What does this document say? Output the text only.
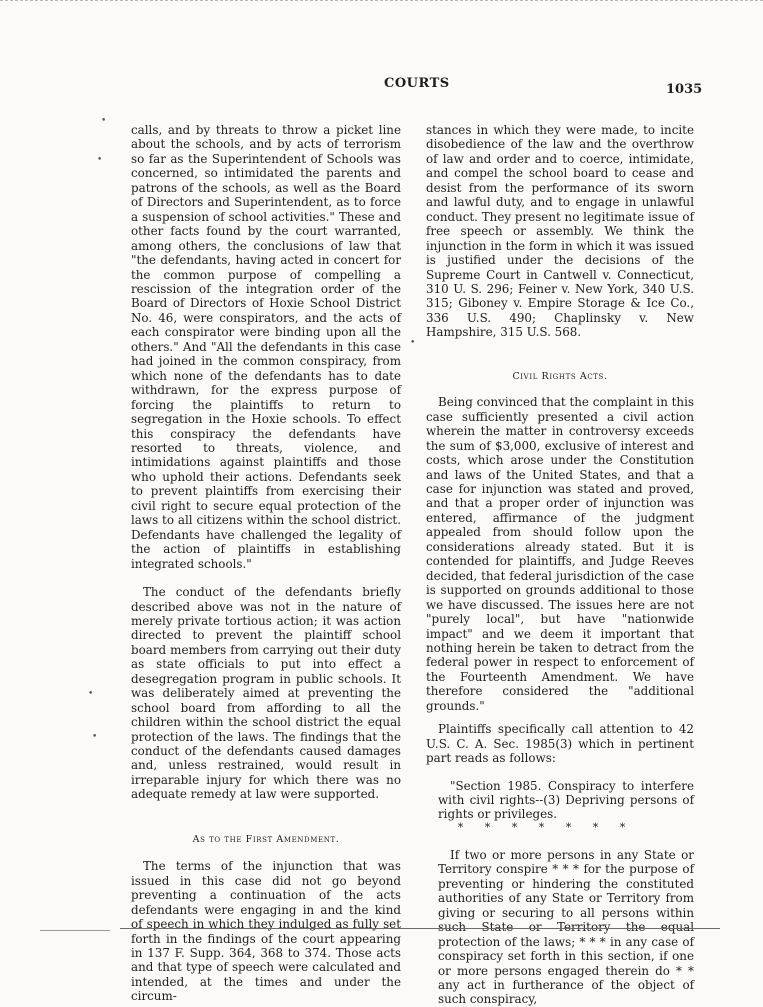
COURTS	1035
•
•
•
•
•

calls, and by threats to throw a picket line about the schools, and by acts of terrorism so far as the Superintendent of Schools was concerned, so intimidated the parents and patrons of the schools, as well as the Board of Directors and Superintendent, as to force a suspension of school activities." These and other facts found by the court warranted, among others, the conclusions of law that "the defendants, having acted in concert for the common purpose of compelling a rescission of the integration order of the Board of Directors of Hoxie School District No. 46, were conspirators, and the acts of each conspirator were binding upon all the others." And "All the defendants in this case had joined in the common conspiracy, from which none of the defendants has to date withdrawn, for the express purpose of forcing the plaintiffs to return to segregation in the Hoxie schools. To effect this conspiracy the defendants have resorted to threats, violence, and intimidations against plaintiffs and those who uphold their actions. Defendants seek to prevent plaintiffs from exercising their civil right to secure equal protection of the laws to all citizens within the school district. Defendants have challenged the legality of the action of plaintiffs in establishing integrated schools."

The conduct of the defendants briefly described above was not in the nature of merely private tortious action; it was action directed to prevent the plaintiff school board members from carrying out their duty as state officials to put into effect a desegregation program in public schools. It was deliberately aimed at preventing the school board from affording to all the children within the school district the equal protection of the laws. The findings that the conduct of the defendants caused damages and, unless restrained, would result in irreparable injury for which there was no adequate remedy at law were supported.

As to the First Amendment.

The terms of the injunction that was issued in this case did not go beyond preventing a continuation of the acts defendants were engaging in and the kind of speech in which they indulged as fully set forth in the findings of the court appearing in 137 F. Supp. 364, 368 to 374. Those acts and that type of speech were calculated and intended, at the times and under the circum-

stances in which they were made, to incite disobedience of the law and the overthrow of law and order and to coerce, intimidate, and compel the school board to cease and desist from the performance of its sworn and lawful duty, and to engage in unlawful conduct. They present no legitimate issue of free speech or assembly. We think the injunction in the form in which it was issued is justified under the decisions of the Supreme Court in Cantwell v. Connecticut, 310 U. S. 296; Feiner v. New York, 340 U.S. 315; Giboney v. Empire Storage & Ice Co., 336 U.S. 490; Chaplinsky v. New Hampshire, 315 U.S. 568.

Civil Rights Acts.

Being convinced that the complaint in this case sufficiently presented a civil action wherein the matter in controversy exceeds the sum of $3,000, exclusive of interest and costs, which arose under the Constitution and laws of the United States, and that a case for injunction was stated and proved, and that a proper order of injunction was entered, affirmance of the judgment appealed from should follow upon the considerations already stated. But it is contended for plaintiffs, and Judge Reeves decided, that federal jurisdiction of the case is supported on grounds additional to those we have discussed. The issues here are not "purely local", but have "nationwide impact" and we deem it important that nothing herein be taken to detract from the federal power in respect to enforcement of the Fourteenth Amendment. We have therefore considered the "additional grounds."

Plaintiffs specifically call attention to 42 U.S. C. A. Sec. 1985(3) which in pertinent part reads as follows:

"Section 1985. Conspiracy to interfere with civil rights--(3) Depriving persons of rights or privileges.

* * * * * * *

If two or more persons in any State or Territory conspire * * * for the purpose of preventing or hindering the constituted authorities of any State or Territory from giving or securing to all persons within such State or Territory the equal protection of the laws; * * * in any case of conspiracy set forth in this section, if one or more persons engaged therein do * * any act in furtherance of the object of such conspiracy,
